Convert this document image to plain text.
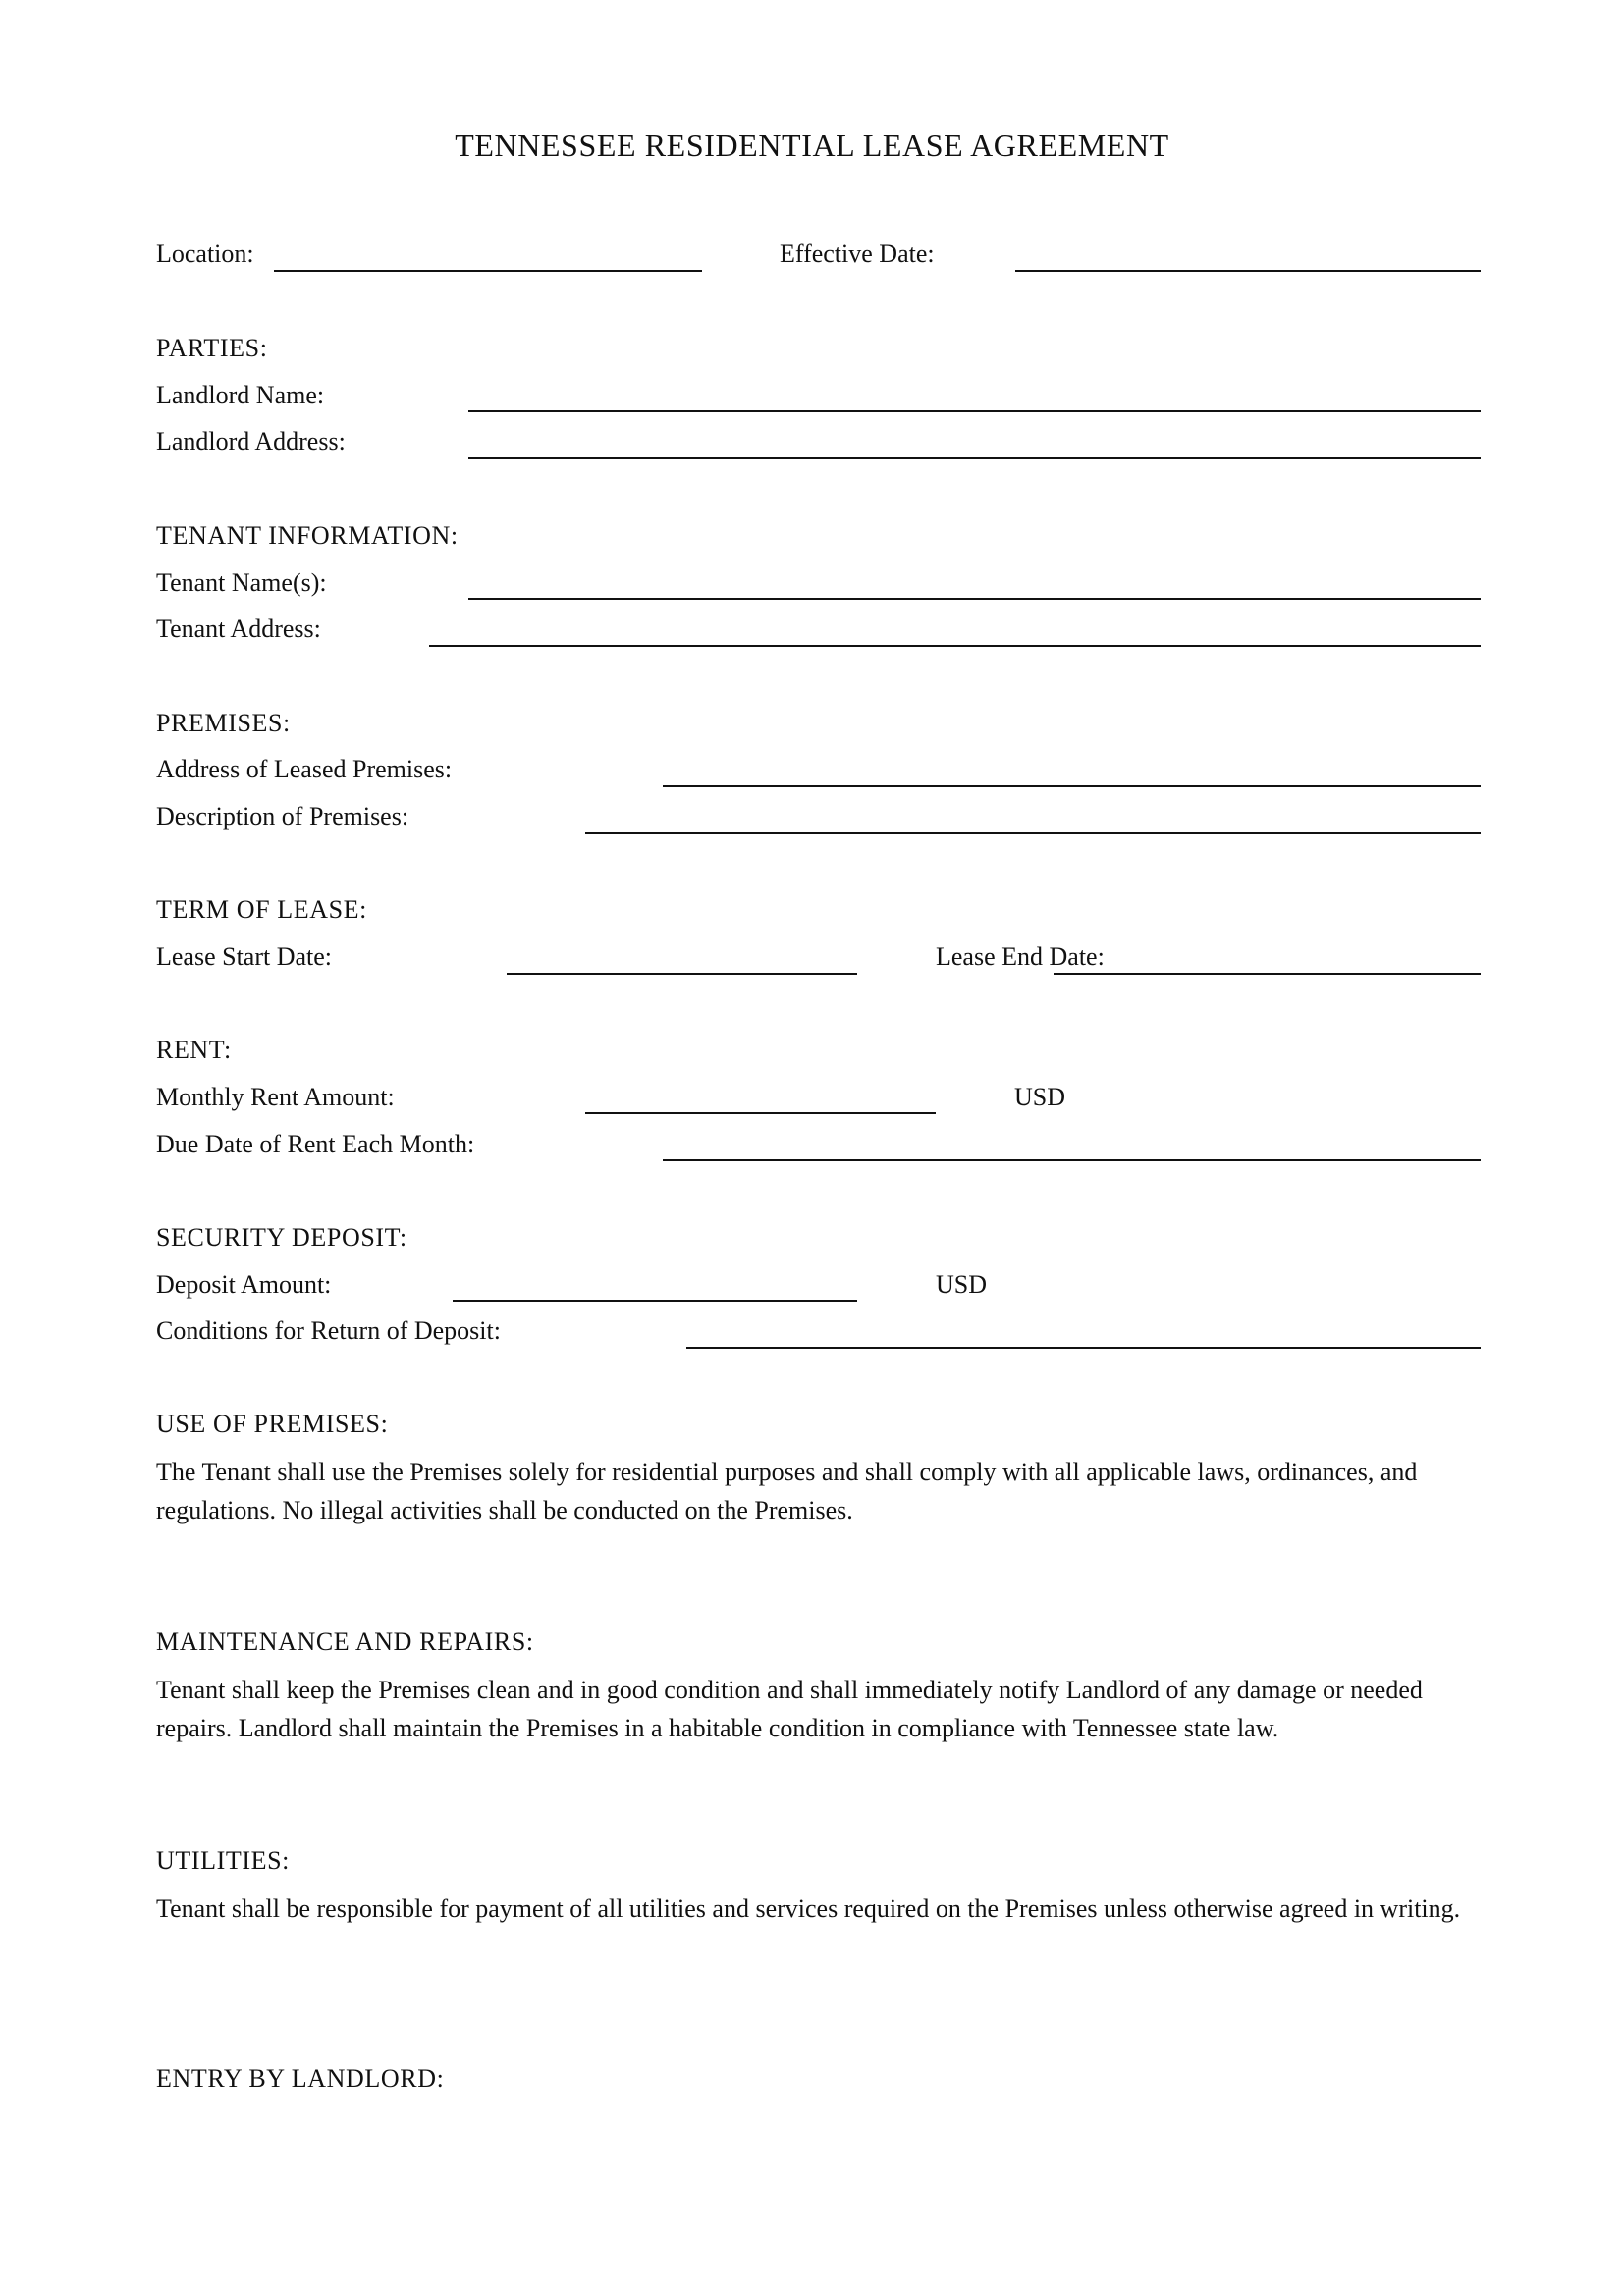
TENNESSEE RESIDENTIAL LEASE AGREEMENT
Location:	Effective Date:
PARTIES:
Landlord Name:
Landlord Address:
TENANT INFORMATION:
Tenant Name(s):
Tenant Address:
PREMISES:
Address of Leased Premises:
Description of Premises:
TERM OF LEASE:
Lease Start Date:	Lease End Date:
RENT:
Monthly Rent Amount:	USD
Due Date of Rent Each Month:
SECURITY DEPOSIT:
Deposit Amount:	USD
Conditions for Return of Deposit:
USE OF PREMISES:
The Tenant shall use the Premises solely for residential purposes and shall comply with all applicable laws, ordinances, and regulations. No illegal activities shall be conducted on the Premises.
MAINTENANCE AND REPAIRS:
Tenant shall keep the Premises clean and in good condition and shall immediately notify Landlord of any damage or needed repairs. Landlord shall maintain the Premises in a habitable condition in compliance with Tennessee state law.
UTILITIES:
Tenant shall be responsible for payment of all utilities and services required on the Premises unless otherwise agreed in writing.
ENTRY BY LANDLORD:
